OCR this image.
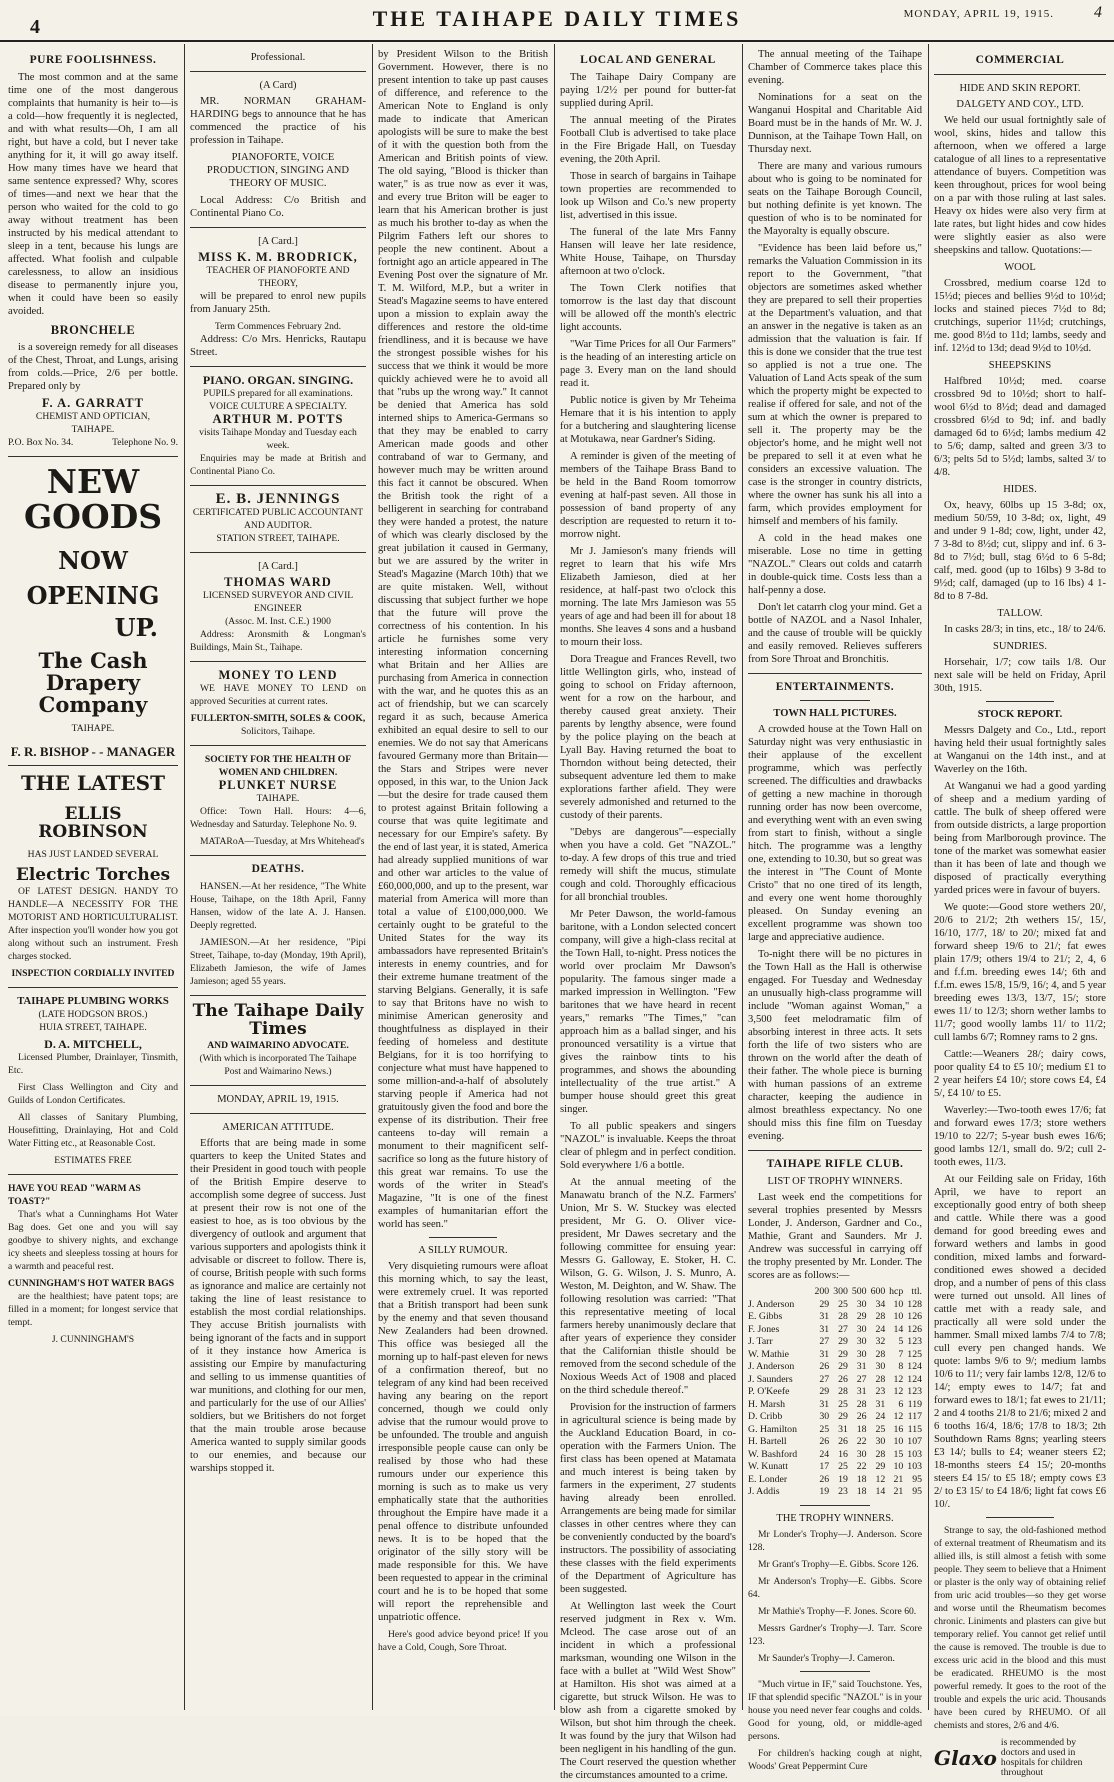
4	THE TAIHAPE DAILY TIMES	MONDAY, APRIL 19, 1915.	4
PURE FOOLISHNESS.

The most common and at the same time one of the most dangerous complaints that humanity is heir to—is a cold—how frequently it is neglected, and with what results—Oh, I am all right, but have a cold, but I never take anything for it, it will go away itself. How many times have we heard that same sentence expressed? Why, scores of times—and next we hear that the person who waited for the cold to go away without treatment has been instructed by his medical attendant to sleep in a tent, because his lungs are affected. What foolish and culpable carelessness, to allow an insidious disease to permanently injure you, when it could have been so easily avoided.

BRONCHELE

is a sovereign remedy for all diseases of the Chest, Throat, and Lungs, arising from colds.—Price, 2/6 per bottle. Prepared only by

F. A. GARRATT
CHEMIST AND OPTICIAN,
TAIHAPE.
P.O. Box No. 34.	Telephone No. 9.
NEW GOODS
NOW
OPENING
UP.
The Cash Drapery Company
TAIHAPE.
F. R. BISHOP - - MANAGER
THE LATEST
ELLIS ROBINSON
HAS JUST LANDED SEVERAL
Electric Torches

OF LATEST DESIGN. HANDY TO HANDLE—A NECESSITY FOR THE MOTORIST AND HORTICULTURALIST. After inspection you'll wonder how you got along without such an instrument. Fresh charges stocked.

INSPECTION CORDIALLY INVITED
TAIHAPE PLUMBING WORKS
(LATE HODGSON BROS.)
HUIA STREET, TAIHAPE.
D. A. MITCHELL,

Licensed Plumber, Drainlayer, Tinsmith, Etc.

First Class Wellington and City and Guilds of London Certificates.

All classes of Sanitary Plumbing, Housefitting, Drainlaying, Hot and Cold Water Fitting etc., at Reasonable Cost.

ESTIMATES FREE
HAVE YOU READ "WARM AS TOAST?"

That's what a Cunninghams Hot Water Bag does. Get one and you will say goodbye to shivery nights, and exchange icy sheets and sleepless tossing at hours for a warmth and peaceful rest.

CUNNINGHAM'S HOT WATER BAGS

are the healthiest; have patent tops; are filled in a moment; for longest service that tempt.

J. CUNNINGHAM'S
Professional.
(A Card)

MR. NORMAN GRAHAM-HARDING begs to announce that he has commenced the practice of his profession in Taihape.

PIANOFORTE, VOICE PRODUCTION, SINGING AND THEORY OF MUSIC.

Local Address: C/o British and Continental Piano Co.

[A Card.]
MISS K. M. BRODRICK,
TEACHER OF PIANOFORTE AND THEORY,

will be prepared to enrol new pupils from January 25th.

Term Commences February 2nd.

Address: C/o Mrs. Henricks, Rautapu Street.

PIANO. ORGAN. SINGING.
PUPILS prepared for all examinations.
VOICE CULTURE A SPECIALTY.
ARTHUR M. POTTS
visits Taihape Monday and Tuesday each week.

Enquiries may be made at British and Continental Piano Co.

E. B. JENNINGS
CERTIFICATED PUBLIC ACCOUNTANT AND AUDITOR.
STATION STREET, TAIHAPE.
[A Card.]
THOMAS WARD
LICENSED SURVEYOR AND CIVIL ENGINEER
(Assoc. M. Inst. C.E.) 1900

Address: Aronsmith & Longman's Buildings, Main St., Taihape.

MONEY TO LEND

WE HAVE MONEY TO LEND on approved Securities at current rates.

FULLERTON-SMITH, SOLES & COOK,
Solicitors, Taihape.
SOCIETY FOR THE HEALTH OF WOMEN AND CHILDREN.
PLUNKET NURSE
TAIHAPE.

Office: Town Hall. Hours: 4—6, Wednesday and Saturday. Telephone No. 9.

MATARoA—Tuesday, at Mrs Whitehead's

DEATHS.

HANSEN.—At her residence, "The White House, Taihape, on the 18th April, Fanny Hansen, widow of the late A. J. Hansen. Deeply regretted.

JAMIESON.—At her residence, "Pipi Street, Taihape, to-day (Monday, 19th April), Elizabeth Jamieson, the wife of James Jamieson; aged 55 years.

The Taihape Daily Times
AND WAIMARINO ADVOCATE.
(With which is incorporated The Taihape Post and Waimarino News.)
MONDAY, APRIL 19, 1915.
AMERICAN ATTITUDE.

Efforts that are being made in some quarters to keep the United States and their President in good touch with people of the British Empire deserve to accomplish some degree of success. Just at present their row is not one of the easiest to hoe, as is too obvious by the divergency of outlook and argument that various supporters and apologists think it advisable or discreet to follow. There is, of course, British people with such forms as ignorance and malice are certainly not taking the line of least resistance to establish the most cordial relationships. They accuse British journalists with being ignorant of the facts and in support of it they instance how America is assisting our Empire by manufacturing and selling to us immense quantities of war munitions, and clothing for our men, and particularly for the use of our Allies' soldiers, but we Britishers do not forget that the main trouble arose because America wanted to supply similar goods to our enemies, and because our warships stopped it.

by President Wilson to the British Government. However, there is no present intention to take up past causes of difference, and reference to the American Note to England is only made to indicate that American apologists will be sure to make the best of it with the question both from the American and British points of view. The old saying, "Blood is thicker than water," is as true now as ever it was, and every true Briton will be eager to learn that his American brother is just as much his brother to-day as when the Pilgrim Fathers left our shores to people the new continent. About a fortnight ago an article appeared in The Evening Post over the signature of Mr. T. M. Wilford, M.P., but a writer in Stead's Magazine seems to have entered upon a mission to explain away the differences and restore the old-time friendliness, and it is because we have the strongest possible wishes for his success that we think it would be more quickly achieved were he to avoid all that "rubs up the wrong way." It cannot be denied that America has sold interned ships to America-Germans so that they may be enabled to carry American made goods and other contraband of war to Germany, and however much may be written around this fact it cannot be obscured. When the British took the right of a belligerent in searching for contraband they were handed a protest, the nature of which was clearly disclosed by the great jubilation it caused in Germany, but we are assured by the writer in Stead's Magazine (March 10th) that we are quite mistaken. Well, without discussing that subject further we hope that the future will prove the correctness of his contention. In his article he furnishes some very interesting information concerning what Britain and her Allies are purchasing from America in connection with the war, and he quotes this as an act of friendship, but we can scarcely regard it as such, because America exhibited an equal desire to sell to our enemies. We do not say that Americans favoured Germany more than Britain—the Stars and Stripes were never opposed, in this war, to the Union Jack—but the desire for trade caused them to protest against Britain following a course that was quite legitimate and necessary for our Empire's safety. By the end of last year, it is stated, America had already supplied munitions of war and other war articles to the value of £60,000,000, and up to the present, war material from America will more than total a value of £100,000,000. We certainly ought to be grateful to the United States for the way its ambassadors have represented Britain's interests in enemy countries, and for their extreme humane treatment of the starving Belgians. Generally, it is safe to say that Britons have no wish to minimise American generosity and thoughtfulness as displayed in their feeding of homeless and destitute Belgians, for it is too horrifying to conjecture what must have happened to some million-and-a-half of absolutely starving people if America had not gratuitously given the food and bore the expense of its distribution. Their free canteens to-day will remain a monument to their magnificent self-sacrifice so long as the future history of this great war remains. To use the words of the writer in Stead's Magazine, "It is one of the finest examples of humanitarian effort the world has seen."

A SILLY RUMOUR.

Very disquieting rumours were afloat this morning which, to say the least, were extremely cruel. It was reported that a British transport had been sunk by the enemy and that seven thousand New Zealanders had been drowned. This office was besieged all the morning up to half-past eleven for news of a confirmation thereof, but no telegram of any kind had been received having any bearing on the report concerned, though we could only advise that the rumour would prove to be unfounded. The trouble and anguish irresponsible people cause can only be realised by those who had these rumours under our experience this morning is such as to make us very emphatically state that the authorities throughout the Empire have made it a penal offence to distribute unfounded news. It is to be hoped that the originator of the silly story will be made responsible for this. We have been requested to appear in the criminal court and he is to be hoped that some will report the reprehensible and unpatriotic offence.

Here's good advice beyond price! If you have a Cold, Cough, Sore Throat.

LOCAL AND GENERAL

The Taihape Dairy Company are paying 1/2½ per pound for butter-fat supplied during April.

The annual meeting of the Pirates Football Club is advertised to take place in the Fire Brigade Hall, on Tuesday evening, the 20th April.

Those in search of bargains in Taihape town properties are recommended to look up Wilson and Co.'s new property list, advertised in this issue.

The funeral of the late Mrs Fanny Hansen will leave her late residence, White House, Taihape, on Thursday afternoon at two o'clock.

The Town Clerk notifies that tomorrow is the last day that discount will be allowed off the month's electric light accounts.

"War Time Prices for all Our Farmers" is the heading of an interesting article on page 3. Every man on the land should read it.

Public notice is given by Mr Teheima Hemare that it is his intention to apply for a butchering and slaughtering license at Motukawa, near Gardner's Siding.

A reminder is given of the meeting of members of the Taihape Brass Band to be held in the Band Room tomorrow evening at half-past seven. All those in possession of band property of any description are requested to return it to-morrow night.

Mr J. Jamieson's many friends will regret to learn that his wife Mrs Elizabeth Jamieson, died at her residence, at half-past two o'clock this morning. The late Mrs Jamieson was 55 years of age and had been ill for about 18 months. She leaves 4 sons and a husband to mourn their loss.

Dora Treague and Frances Revell, two little Wellington girls, who, instead of going to school on Friday afternoon, went for a row on the harbour, and thereby caused great anxiety. Their parents by lengthy absence, were found by the police playing on the beach at Lyall Bay. Having returned the boat to Thorndon without being detected, their subsequent adventure led them to make explorations farther afield. They were severely admonished and returned to the custody of their parents.

"Debys are dangerous"—especially when you have a cold. Get "NAZOL." to-day. A few drops of this true and tried remedy will shift the mucus, stimulate cough and cold. Thoroughly efficacious for all bronchial troubles.

Mr Peter Dawson, the world-famous baritone, with a London selected concert company, will give a high-class recital at the Town Hall, to-night. Press notices the world over proclaim Mr Dawson's popularity. The famous singer made a marked impression in Wellington. "Few baritones that we have heard in recent years," remarks "The Times," "can approach him as a ballad singer, and his pronounced versatility is a virtue that gives the rainbow tints to his programmes, and shows the abounding intellectuality of the true artist." A bumper house should greet this great singer.

To all public speakers and singers "NAZOL" is invaluable. Keeps the throat clear of phlegm and in perfect condition. Sold everywhere 1/6 a bottle.

At the annual meeting of the Manawatu branch of the N.Z. Farmers' Union, Mr S. W. Stuckey was elected president, Mr G. O. Oliver vice-president, Mr Dawes secretary and the following committee for ensuing year: Messrs G. Galloway, E. Stoker, H. C. Wilson, G. G. Wilson, J. S. Munro, A. Weston, M. Deighton, and W. Shaw. The following resolution was carried: "That this representative meeting of local farmers hereby unanimously declare that after years of experience they consider that the Californian thistle should be removed from the second schedule of the Noxious Weeds Act of 1908 and placed on the third schedule thereof."

Provision for the instruction of farmers in agricultural science is being made by the Auckland Education Board, in co-operation with the Farmers Union. The first class has been opened at Matamata and much interest is being taken by farmers in the experiment, 27 students having already been enrolled. Arrangements are being made for similar classes in other centres where they can be conveniently conducted by the board's instructors. The possibility of associating these classes with the field experiments of the Department of Agriculture has been suggested.

At Wellington last week the Court reserved judgment in Rex v. Wm. Mcleod. The case arose out of an incident in which a professional marksman, wounding one Wilson in the face with a bullet at "Wild West Show" at Hamilton. His shot was aimed at a cigarette, but struck Wilson. He was to blow ash from a cigarette smoked by Wilson, but shot him through the cheek. It was found by the jury that Wilson had been negligent in his handling of the gun. The Court reserved the question whether the circumstances amounted to a crime.

The annual meeting of the Taihape Chamber of Commerce takes place this evening.

Nominations for a seat on the Wanganui Hospital and Charitable Aid Board must be in the hands of Mr. W. J. Dunnison, at the Taihape Town Hall, on Thursday next.

There are many and various rumours about who is going to be nominated for seats on the Taihape Borough Council, but nothing definite is yet known. The question of who is to be nominated for the Mayoralty is equally obscure.

"Evidence has been laid before us," remarks the Valuation Commission in its report to the Government, "that objectors are sometimes asked whether they are prepared to sell their properties at the Department's valuation, and that an answer in the negative is taken as an admission that the valuation is fair. If this is done we consider that the true test so applied is not a true one. The Valuation of Land Acts speak of the sum which the property might be expected to realise if offered for sale, and not of the sum at which the owner is prepared to sell it. The property may be the objector's home, and he might well not be prepared to sell it at even what he considers an excessive valuation. The case is the stronger in country districts, where the owner has sunk his all into a farm, which provides employment for himself and members of his family.

A cold in the head makes one miserable. Lose no time in getting "NAZOL." Clears out colds and catarrh in double-quick time. Costs less than a half-penny a dose.

Don't let catarrh clog your mind. Get a bottle of NAZOL and a Nasol Inhaler, and the cause of trouble will be quickly and easily removed. Relieves sufferers from Sore Throat and Bronchitis.

ENTERTAINMENTS.
TOWN HALL PICTURES.

A crowded house at the Town Hall on Saturday night was very enthusiastic in their applause of the excellent programme, which was perfectly screened. The difficulties and drawbacks of getting a new machine in thorough running order has now been overcome, and everything went with an even swing from start to finish, without a single hitch. The programme was a lengthy one, extending to 10.30, but so great was the interest in "The Count of Monte Cristo" that no one tired of its length, and every one went home thoroughly pleased. On Sunday evening an excellent programme was shown too large and appreciative audience.

To-night there will be no pictures in the Town Hall as the Hall is otherwise engaged. For Tuesday and Wednesday an unusually high-class programme will include "Woman against Woman," a 3,500 feet melodramatic film of absorbing interest in three acts. It sets forth the life of two sisters who are thrown on the world after the death of their father. The whole piece is burning with human passions of an extreme character, keeping the audience in almost breathless expectancy. No one should miss this fine film on Tuesday evening.

TAIHAPE RIFLE CLUB.
LIST OF TROPHY WINNERS.

Last week end the competitions for several trophies presented by Messrs Londer, J. Anderson, Gardner and Co., Mathie, Grant and Saunders. Mr J. Andrew was successful in carrying off the trophy presented by Mr. Londer. The scores are as follows:—

	200	300	500	600	hcp	ttl.
J. Anderson	29	25	30	34	10	128
E. Gibbs	31	28	29	28	10	126
F. Jones	31	27	30	24	14	126
J. Tarr	27	29	30	32	5	123
W. Mathie	31	29	30	28	7	125
J. Anderson	26	29	31	30	8	124
J. Saunders	27	26	27	28	12	124
P. O'Keefe	29	28	31	23	12	123
H. Marsh	31	25	28	31	6	119
D. Cribb	30	29	26	24	12	117
G. Hamilton	25	31	18	25	16	115
H. Bartell	26	26	22	30	10	107
W. Bashford	24	16	30	28	15	103
W. Kunatt	17	25	22	29	10	103
E. Londer	26	19	18	12	21	95
J. Addis	19	23	18	14	21	95
THE TROPHY WINNERS.

Mr Londer's Trophy—J. Anderson. Score 128.

Mr Grant's Trophy—E. Gibbs. Score 126.

Mr Anderson's Trophy—E. Gibbs. Score 64.

Mr Mathie's Trophy—F. Jones. Score 60.

Messrs Gardner's Trophy—J. Tarr. Score 123.

Mr Saunder's Trophy—J. Cameron.

"Much virtue in IF," said Touchstone. Yes, IF that splendid specific "NAZOL" is in your house you need never fear coughs and colds. Good for young, old, or middle-aged persons.

For children's hacking cough at night, Woods' Great Peppermint Cure

COMMERCIAL
HIDE AND SKIN REPORT.
DALGETY AND COY., LTD.

We held our usual fortnightly sale of wool, skins, hides and tallow this afternoon, when we offered a large catalogue of all lines to a representative attendance of buyers. Competition was keen throughout, prices for wool being on a par with those ruling at last sales. Heavy ox hides were also very firm at late rates, but light hides and cow hides were slightly easier as also were sheepskins and tallow. Quotations:—

WOOL

Crossbred, medium coarse 12d to 15½d; pieces and bellies 9½d to 10½d; locks and stained pieces 7½d to 8d; crutchings, superior 11½d; crutchings, me. good 8½d to 11d; lambs, seedy and inf. 12½d to 13d; dead 9½d to 10½d.

SHEEPSKINS

Halfbred 10½d; med. coarse crossbred 9d to 10½d; short to half-wool 6½d to 8½d; dead and damaged crossbred 6½d to 9d; inf. and badly damaged 6d to 6½d; lambs medium 42 to 5/6; damp, salted and green 3/3 to 6/3; pelts 5d to 5½d; lambs, salted 3/ to 4/8.

HIDES.

Ox, heavy, 60lbs up 15 3-8d; ox, medium 50/59, 10 3-8d; ox, light, 49 and under 9 1-8d; cow, light, under 42, 7 3-8d to 8½d; cut, slippy and inf. 6 3-8d to 7½d; bull, stag 6½d to 6 5-8d; calf, med. good (up to 16lbs) 9 3-8d to 9½d; calf, damaged (up to 16 lbs) 4 1-8d to 8 7-8d.

TALLOW.

In casks 28/3; in tins, etc., 18/ to 24/6.

SUNDRIES.

Horsehair, 1/7; cow tails 1/8. Our next sale will be held on Friday, April 30th, 1915.

STOCK REPORT.

Messrs Dalgety and Co., Ltd., report having held their usual fortnightly sales at Wanganui on the 14th inst., and at Waverley on the 16th.

At Wanganui we had a good yarding of sheep and a medium yarding of cattle. The bulk of sheep offered were from outside districts, a large proportion being from Marlborough province. The tone of the market was somewhat easier than it has been of late and though we disposed of practically everything yarded prices were in favour of buyers.

We quote:—Good store wethers 20/, 20/6 to 21/2; 2th wethers 15/, 15/, 16/10, 17/7, 18/ to 20/; mixed fat and forward sheep 19/6 to 21/; fat ewes plain 17/9; others 19/4 to 21/; 2, 4, 6 and f.f.m. breeding ewes 14/; 6th and f.f.m. ewes 15/8, 15/9, 16/; 4, and 5 year breeding ewes 13/3, 13/7, 15/; store ewes 11/ to 12/3; shorn wether lambs to 11/7; good woolly lambs 11/ to 11/2; cull lambs 6/7; Romney rams to 2 gns.

Cattle:—Weaners 28/; dairy cows, poor quality £4 to £5 10/; medium £1 to 2 year heifers £4 10/; store cows £4, £4 5/, £4 10/ to £5.

Waverley:—Two-tooth ewes 17/6; fat and forward ewes 17/3; store wethers 19/10 to 22/7; 5-year bush ewes 16/6; good lambs 12/1, small do. 9/2; cull 2-tooth ewes, 11/3.

At our Feilding sale on Friday, 16th April, we have to report an exceptionally good entry of both sheep and cattle. While there was a good demand for good breeding ewes and forward wethers and lambs in good condition, mixed lambs and forward-conditioned ewes showed a decided drop, and a number of pens of this class were turned out unsold. All lines of cattle met with a ready sale, and practically all were sold under the hammer. Small mixed lambs 7/4 to 7/8; cull every pen changed hands. We quote: lambs 9/6 to 9/; medium lambs 10/6 to 11/; very fair lambs 12/8, 12/6 to 14/; empty ewes to 14/7; fat and forward ewes to 18/1; fat ewes to 21/11; 2 and 4 tooths 21/8 to 21/6; mixed 2 and 6 tooths 16/4, 18/6; 17/8 to 18/3; 2th Southdown Rams 8gns; yearling steers £3 14/; bulls to £4; weaner steers £2; 18-months steers £4 15/; 20-months steers £4 15/ to £5 18/; empty cows £3 2/ to £3 15/ to £4 18/6; light fat cows £6 10/.

Strange to say, the old-fashioned method of external treatment of Rheumatism and its allied ills, is still almost a fetish with some people. They seem to believe that a Hniment or plaster is the only way of obtaining relief from uric acid troubles—so they get worse and worse until the Rheumatism becomes chronic. Liniments and plasters can give but temporary relief. You cannot get relief until the cause is removed. The trouble is due to excess uric acid in the blood and this must be eradicated. RHEUMO is the most powerful remedy. It goes to the root of the trouble and expels the uric acid. Thousands have been cured by RHEUMO. Of all chemists and stores, 2/6 and 4/6.

Glaxo
is recommended by doctors and used in hospitals for children throughout
